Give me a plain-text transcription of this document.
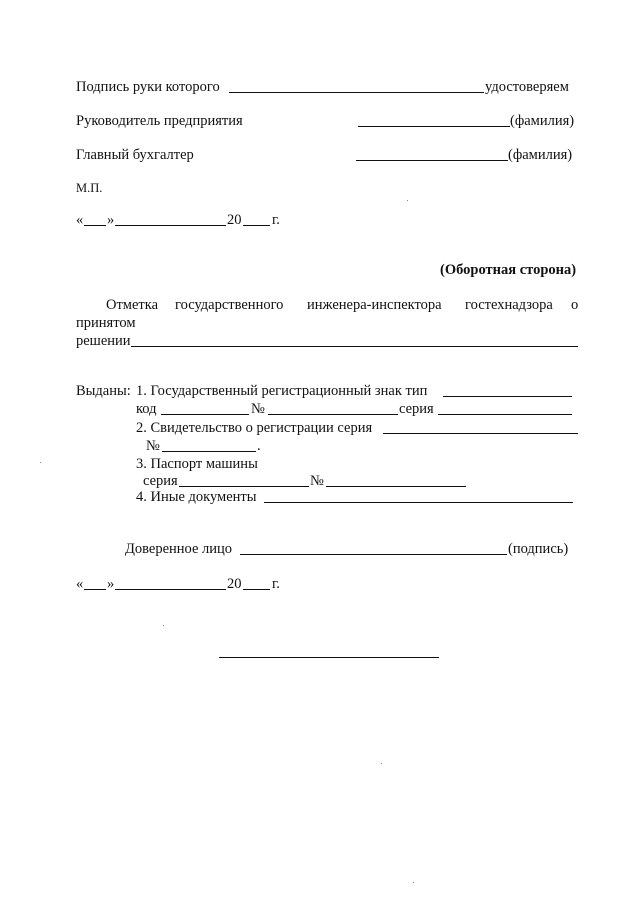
Подпись руки которого	удостоверяем
Руководитель предприятия	(фамилия)
Главный бухгалтер	(фамилия)
М.П.
« »	20 г.
(Оборотная сторона)
Отметка государственного инженера-инспектора гостехнадзора о
принятом
решении
Выданы: 1. Государственный регистрационный знак тип
код	№	серия
2. Свидетельство о регистрации серия
№	.
3. Паспорт машины
серия	№
4. Иные документы
Доверенное лицо	(подпись)
« »	20 г.
